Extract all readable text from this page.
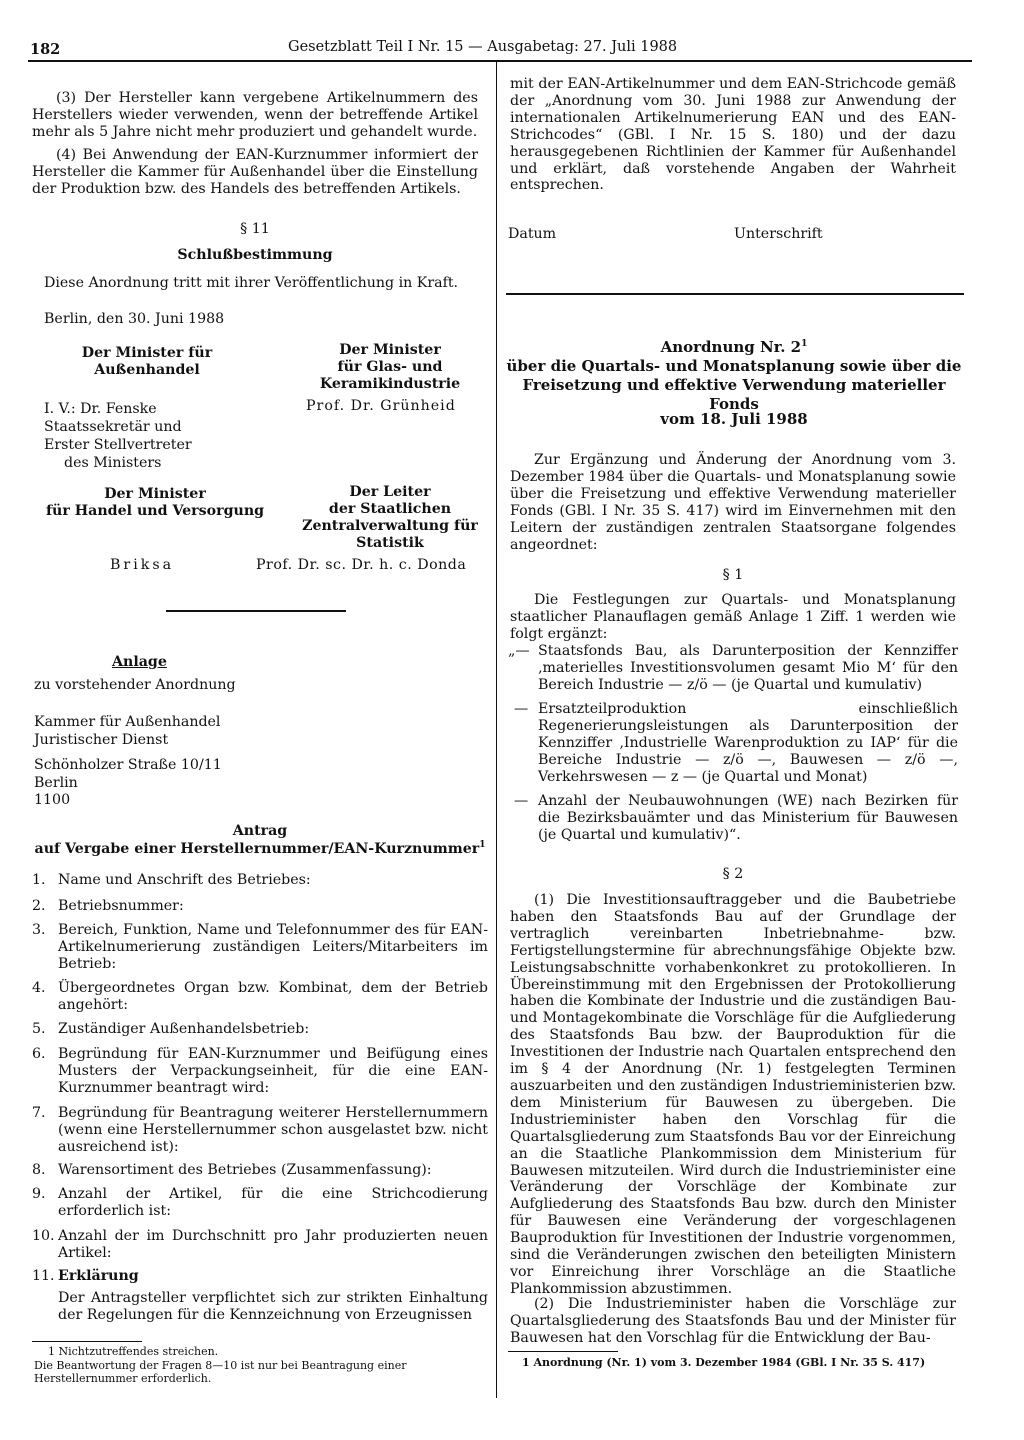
182	Gesetzblatt Teil I Nr. 15 — Ausgabetag: 27. Juli 1988
(3) Der Hersteller kann vergebene Artikelnummern des Herstellers wieder verwenden, wenn der betreffende Artikel mehr als 5 Jahre nicht mehr produziert und gehandelt wurde.
(4) Bei Anwendung der EAN-Kurznummer informiert der Hersteller die Kammer für Außenhandel über die Einstellung der Produktion bzw. des Handels des betreffenden Artikels.
§ 11
Schlußbestimmung
Diese Anordnung tritt mit ihrer Veröffentlichung in Kraft.
Berlin, den 30. Juni 1988
Der Minister für Außenhandel
I. V.: Dr. Fenske
Staatssekretär und
Erster Stellvertreter
des Ministers
Der Minister
für Glas- und
Keramikindustrie
Prof. Dr. Grünheid
Der Minister
für Handel und Versorgung
Briksa
Der Leiter
der Staatlichen
Zentralverwaltung für
Statistik
Prof. Dr. sc. Dr. h. c. Donda
Anlage
zu vorstehender Anordnung
Kammer für Außenhandel
Juristischer Dienst
Schönholzer Straße 10/11
Berlin
1100
Antrag
auf Vergabe einer Herstellernummer/EAN-Kurznummer$^1$
1. Name und Anschrift des Betriebes:
2. Betriebsnummer:
3. Bereich, Funktion, Name und Telefonnummer des für EAN-Artikelnumerierung zuständigen Leiters/Mitarbeiters im Betrieb:
4. Übergeordnetes Organ bzw. Kombinat, dem der Betrieb angehört:
5. Zuständiger Außenhandelsbetrieb:
6. Begründung für EAN-Kurznummer und Beifügung eines Musters der Verpackungseinheit, für die eine EAN-Kurznummer beantragt wird:
7. Begründung für Beantragung weiterer Herstellernummern (wenn eine Herstellernummer schon ausgelastet bzw. nicht ausreichend ist):
8. Warensortiment des Betriebes (Zusammenfassung):
9. Anzahl der Artikel, für die eine Strichcodierung erforderlich ist:
10. Anzahl der im Durchschnitt pro Jahr produzierten neuen Artikel:
11. Erklärung
Der Antragsteller verpflichtet sich zur strikten Einhaltung der Regelungen für die Kennzeichnung von Erzeugnissen
1 Nichtzutreffendes streichen.
Die Beantwortung der Fragen 8—10 ist nur bei Beantragung einer Herstellernummer erforderlich.
mit der EAN-Artikelnummer und dem EAN-Strichcode gemäß der „Anordnung vom 30. Juni 1988 zur Anwendung der internationalen Artikelnumerierung EAN und des EAN-Strichcodes“ (GBl. I Nr. 15 S. 180) und der dazu herausgegebenen Richtlinien der Kammer für Außenhandel und erklärt, daß vorstehende Angaben der Wahrheit entsprechen.
Datum	Unterschrift
Anordnung Nr. $2^1$
über die Quartals- und Monatsplanung sowie über die
Freisetzung und effektive Verwendung materieller Fonds
vom 18. Juli 1988
Zur Ergänzung und Änderung der Anordnung vom 3. Dezember 1984 über die Quartals- und Monatsplanung sowie über die Freisetzung und effektive Verwendung materieller Fonds (GBl. I Nr. 35 S. 417) wird im Einvernehmen mit den Leitern der zuständigen zentralen Staatsorgane folgendes angeordnet:
§ 1
Die Festlegungen zur Quartals- und Monatsplanung staatlicher Planauflagen gemäß Anlage 1 Ziff. 1 werden wie folgt ergänzt:
„— Staatsfonds Bau, als Darunterposition der Kennziffer ‚materielles Investitionsvolumen gesamt Mio M‘ für den Bereich Industrie — z/ö — (je Quartal und kumulativ)
— Ersatzteilproduktion einschließlich Regenerierungsleistungen als Darunterposition der Kennziffer ‚Industrielle Warenproduktion zu IAP‘ für die Bereiche Industrie — z/ö —, Bauwesen — z/ö —, Verkehrswesen — z — (je Quartal und Monat)
— Anzahl der Neubauwohnungen (WE) nach Bezirken für die Bezirksbauämter und das Ministerium für Bauwesen (je Quartal und kumulativ)“.
§ 2
(1) Die Investitionsauftraggeber und die Baubetriebe haben den Staatsfonds Bau auf der Grundlage der vertraglich vereinbarten Inbetriebnahme- bzw. Fertigstellungstermine für abrechnungsfähige Objekte bzw. Leistungsabschnitte vorhabenkonkret zu protokollieren. In Übereinstimmung mit den Ergebnissen der Protokollierung haben die Kombinate der Industrie und die zuständigen Bau- und Montagekombinate die Vorschläge für die Aufgliederung des Staatsfonds Bau bzw. der Bauproduktion für die Investitionen der Industrie nach Quartalen entsprechend den im § 4 der Anordnung (Nr. 1) festgelegten Terminen auszuarbeiten und den zuständigen Industrieministerien bzw. dem Ministerium für Bauwesen zu übergeben. Die Industrieminister haben den Vorschlag für die Quartalsgliederung zum Staatsfonds Bau vor der Einreichung an die Staatliche Plankommission dem Ministerium für Bauwesen mitzuteilen. Wird durch die Industrieminister eine Veränderung der Vorschläge der Kombinate zur Aufgliederung des Staatsfonds Bau bzw. durch den Minister für Bauwesen eine Veränderung der vorgeschlagenen Bauproduktion für Investitionen der Industrie vorgenommen, sind die Veränderungen zwischen den beteiligten Ministern vor Einreichung ihrer Vorschläge an die Staatliche Plankommission abzustimmen.
(2) Die Industrieminister haben die Vorschläge zur Quartalsgliederung des Staatsfonds Bau und der Minister für Bauwesen hat den Vorschlag für die Entwicklung der Bau-
1 Anordnung (Nr. 1) vom 3. Dezember 1984 (GBl. I Nr. 35 S. 417)
